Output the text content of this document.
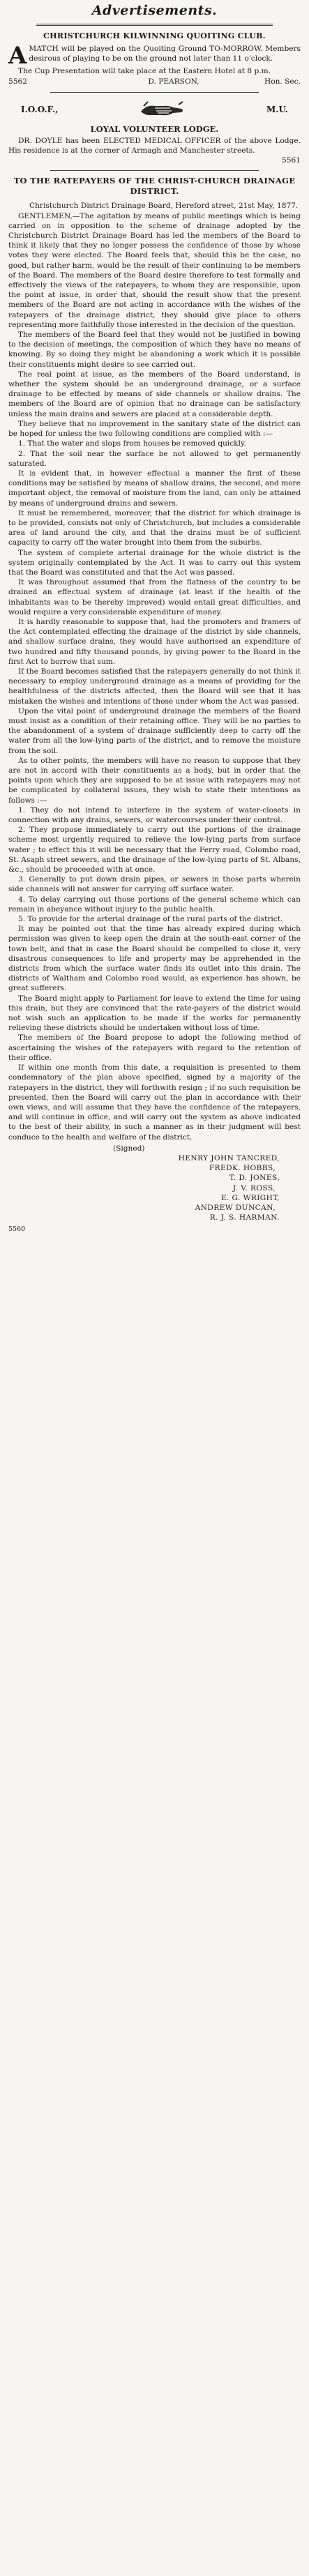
Advertisements.
CHRISTCHURCH KILWINNING QUOITING CLUB.

AMATCH will be played on the Quoiting Ground TO-MORROW. Members desirous of playing to be on the ground not later than 11 o'clock.

The Cup Presentation will take place at the Eastern Hotel at 8 p.m.

5562	D. PEARSON,	Hon. Sec.
I.O.O.F.,	M.U.
LOYAL VOLUNTEER LODGE.

DR. DOYLE has been ELECTED MEDICAL OFFICER of the above Lodge. His residence is at the corner of Armagh and Manchester streets.

5561
TO THE RATEPAYERS OF THE CHRIST-CHURCH DRAINAGE DISTRICT.

Christchurch District Drainage Board, Hereford street, 21st May, 1877.

GENTLEMEN,—The agitation by means of public meetings which is being carried on in opposition to the scheme of drainage adopted by the Christchurch District Drainage Board has led the members of the Board to think it likely that they no longer possess the confidence of those by whose votes they were elected. The Board feels that, should this be the case, no good, but rather harm, would be the result of their continuing to be members of the Board. The members of the Board desire therefore to test formally and effectively the views of the ratepayers, to whom they are responsible, upon the point at issue, in order that, should the result show that the present members of the Board are not acting in accordance with the wishes of the ratepayers of the drainage district, they should give place to others representing more faithfully those interested in the decision of the question.

The members of the Board feel that they would not be justified in bowing to the decision of meetings, the composition of which they have no means of knowing. By so doing they might be abandoning a work which it is possible their constituents might desire to see carried out.

The real point at issue, as the members of the Board understand, is whether the system should be an underground drainage, or a surface drainage to be effected by means of side channels or shallow drains. The members of the Board are of opinion that no drainage can be satisfactory unless the main drains and sewers are placed at a considerable depth.

They believe that no improvement in the sanitary state of the district can be hoped for unless the two following conditions are complied with :—

1. That the water and slops from houses be removed quickly.

2. That the soil near the surface be not allowed to get permanently saturated.

It is evident that, in however effectual a manner the first of these conditions may be satisfied by means of shallow drains, the second, and more important object, the removal of moisture from the land, can only be attained by means of underground drains and sewers.

It must be remembered, moreover, that the district for which drainage is to be provided, consists not only of Christchurch, but includes a considerable area of land around the city, and that the drains must be of sufficient capacity to carry off the water brought into them from the suburbs.

The system of complete arterial drainage for the whole district is the system originally contemplated by the Act. It was to carry out this system that the Board was constituted and that the Act was passed.

It was throughout assumed that from the flatness of the country to be drained an effectual system of drainage (at least if the health of the inhabitants was to be thereby improved) would entail great difficulties, and would require a very considerable expenditure of money.

It is hardly reasonable to suppose that, had the promoters and framers of the Act contemplated effecting the drainage of the district by side channels, and shallow surface drains, they would have authorised an expenditure of two hundred and fifty thousand pounds, by giving power to the Board in the first Act to borrow that sum.

If the Board becomes satisfied that the ratepayers generally do not think it necessary to employ underground drainage as a means of providing for the healthfulness of the districts affected, then the Board will see that it has mistaken the wishes and intentions of those under whom the Act was passed.

Upon the vital point of underground drainage the members of the Board must insist as a condition of their retaining office. They will be no parties to the abandonment of a system of drainage sufficiently deep to carry off the water from all the low-lying parts of the district, and to remove the moisture from the soil.

As to other points, the members will have no reason to suppose that they are not in accord with their constituents as a body, but in order that the points upon which they are supposed to be at issue with ratepayers may not be complicated by collateral issues, they wish to state their intentions as follows :—

1. They do not intend to interfere in the system of water-closets in connection with any drains, sewers, or watercourses under their control.

2. They propose immediately to carry out the portions of the drainage scheme most urgently required to relieve the low-lying parts from surface water ; to effect this it will be necessary that the Ferry road, Colombo road, St. Asaph street sewers, and the drainage of the low-lying parts of St. Albans, &c., should be proceeded with at once.

3. Generally to put down drain pipes, or sewers in those parts wherein side channels will not answer for carrying off surface water.

4. To delay carrying out those portions of the general scheme which can remain in abeyance without injury to the public health.

5. To provide for the arterial drainage of the rural parts of the district.

It may be pointed out that the time has already expired during which permission was given to keep open the drain at the south-east corner of the town belt, and that in case the Board should be compelled to close it, very disastrous consequences to life and property may be apprehended in the districts from which the surface water finds its outlet into this drain. The districts of Waltham and Colombo road would, as experience has shown, be great sufferers.

The Board might apply to Parliament for leave to extend the time for using this drain, but they are convinced that the rate-payers of the district would not wish such an application to be made if the works for permanently relieving these districts should be undertaken without loss of time.

The members of the Board propose to adopt the following method of ascertaining the wishes of the ratepayers with regard to the retention of their office.

If within one month from this date, a requisition is presented to them condemnatory of the plan above specified, signed by a majority of the ratepayers in the district, they will forthwith resign ; if no such requisition be presented, then the Board will carry out the plan in accordance with their own views, and will assume that they have the confidence of the ratepayers, and will continue in office, and will carry out the system as above indicated to the best of their ability, in such a manner as in their judgment will best conduce to the health and welfare of the district.

(Signed)
HENRY JOHN TANCRED,
FREDK. HOBBS,
T. D. JONES,
J. V. ROSS,
E. G. WRIGHT,
ANDREW DUNCAN,
R. J. S. HARMAN.
5560
